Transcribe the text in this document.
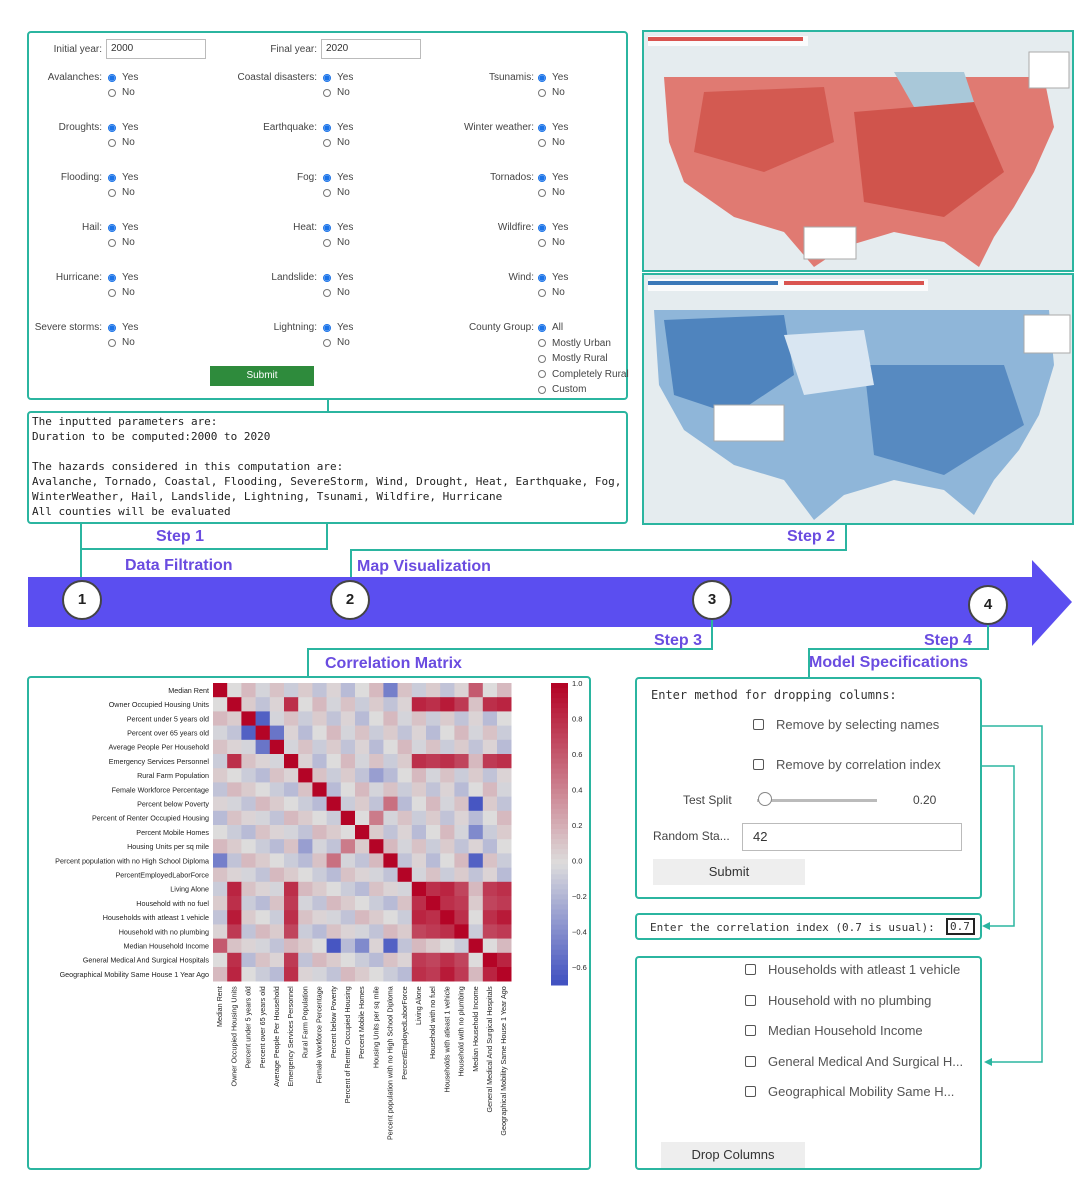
Initial year: 2000	Final year: 2020
Avalanches: Yes
No
Coastal disasters: Yes
No
Tsunamis: Yes
No
Droughts: Yes
No
Earthquake: Yes
No
Winter weather: Yes
No
Flooding: Yes
No
Fog: Yes
No
Tornados: Yes
No
Hail: Yes
No
Heat: Yes
No
Wildfire: Yes
No
Hurricane: Yes
No
Landslide: Yes
No
Wind: Yes
No
Severe storms: Yes
No
Lightning: Yes
No
County Group: All
Mostly Urban
Mostly Rural
Completely Rural
Custom
Submit
The inputted parameters are:
Duration to be computed:2000 to 2020
The hazards considered in this computation are:
Avalanche, Tornado, Coastal, Flooding, SevereStorm, Wind, Drought, Heat, Earthquake, Fog,
WinterWeather, Hail, Landslide, Lightning, Tsunami, Wildfire, Hurricane
All counties will be evaluated
Step 1
Data Filtration
Step 2
Map Visualization
1	2	3	4
Step 3
Correlation Matrix
Step 4
Model Specifications
Median Rent
Median Rent
Owner Occupied Housing Units
Owner Occupied Housing Units
Percent under 5 years old
Percent under 5 years old
Percent over 65 years old
Percent over 65 years old
Average People Per Household
Average People Per Household
Emergency Services Personnel
Emergency Services Personnel
Rural Farm Population
Rural Farm Population
Female Workforce Percentage
Female Workforce Percentage
Percent below Poverty
Percent below Poverty
Percent of Renter Occupied Housing
Percent of Renter Occupied Housing
Percent Mobile Homes
Percent Mobile Homes
Housing Units per sq mile
Housing Units per sq mile
Percent population with no High School Diploma
Percent population with no High School Diploma
PercentEmployedLaborForce
PercentEmployedLaborForce
Living Alone
Living Alone
Household with no fuel
Household with no fuel
Households with atleast 1 vehicle
Households with atleast 1 vehicle
Household with no plumbing
Household with no plumbing
Median Household Income
Median Household Income
General Medical And Surgical Hospitals
General Medical And Surgical Hospitals
Geographical Mobility Same House 1 Year Ago
Geographical Mobility Same House 1 Year Ago
1.0
0.8
0.6
0.4
0.2
0.0
−0.2
−0.4
−0.6
Enter method for dropping columns:
Remove by selecting names
Remove by correlation index
Test Split	0.20
Random Sta...	42
Submit
Enter the correlation index (0.7 is usual):	0.7
Households with atleast 1 vehicle
Household with no plumbing
Median Household Income
General Medical And Surgical H...
Geographical Mobility Same H...
Drop Columns
